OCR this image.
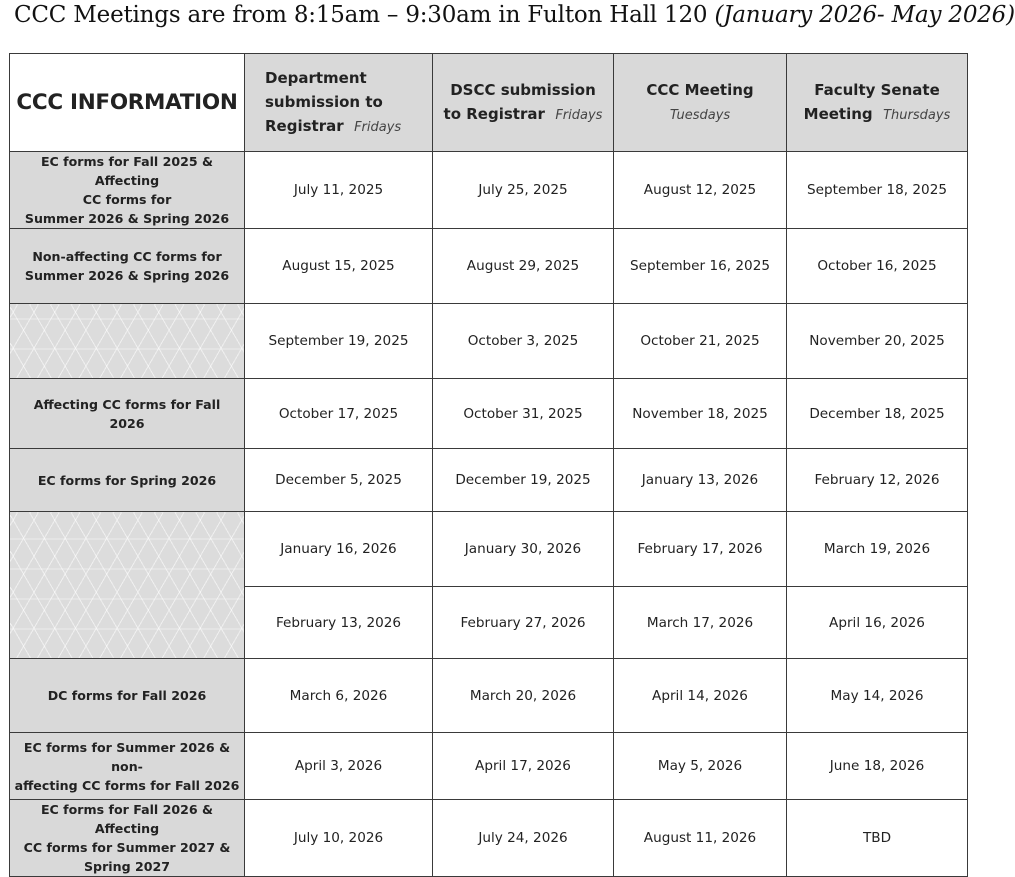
CCC Meetings are from 8:15am – 9:30am in Fulton Hall 120 (January 2026- May 2026)
CCC INFORMATION	Department
submission to
Registrar Fridays	DSCC submission
to Registrar Fridays	CCC Meeting
Tuesdays	Faculty Senate
Meeting Thursdays
EC forms for Fall 2025 & Affecting
CC forms for
Summer 2026 & Spring 2026	July 11, 2025	July 25, 2025	August 12, 2025	September 18, 2025
Non-affecting CC forms for
Summer 2026 & Spring 2026	August 15, 2025	August 29, 2025	September 16, 2025	October 16, 2025
	September 19, 2025	October 3, 2025	October 21, 2025	November 20, 2025
Affecting CC forms for Fall 2026	October 17, 2025	October 31, 2025	November 18, 2025	December 18, 2025
EC forms for Spring 2026	December 5, 2025	December 19, 2025	January 13, 2026	February 12, 2026
	January 16, 2026	January 30, 2026	February 17, 2026	March 19, 2026
	February 13, 2026	February 27, 2026	March 17, 2026	April 16, 2026
DC forms for Fall 2026	March 6, 2026	March 20, 2026	April 14, 2026	May 14, 2026
EC forms for Summer 2026 & non-
affecting CC forms for Fall 2026	April 3, 2026	April 17, 2026	May 5, 2026	June 18, 2026
EC forms for Fall 2026 & Affecting
CC forms for Summer 2027 &
Spring 2027	July 10, 2026	July 24, 2026	August 11, 2026	TBD
